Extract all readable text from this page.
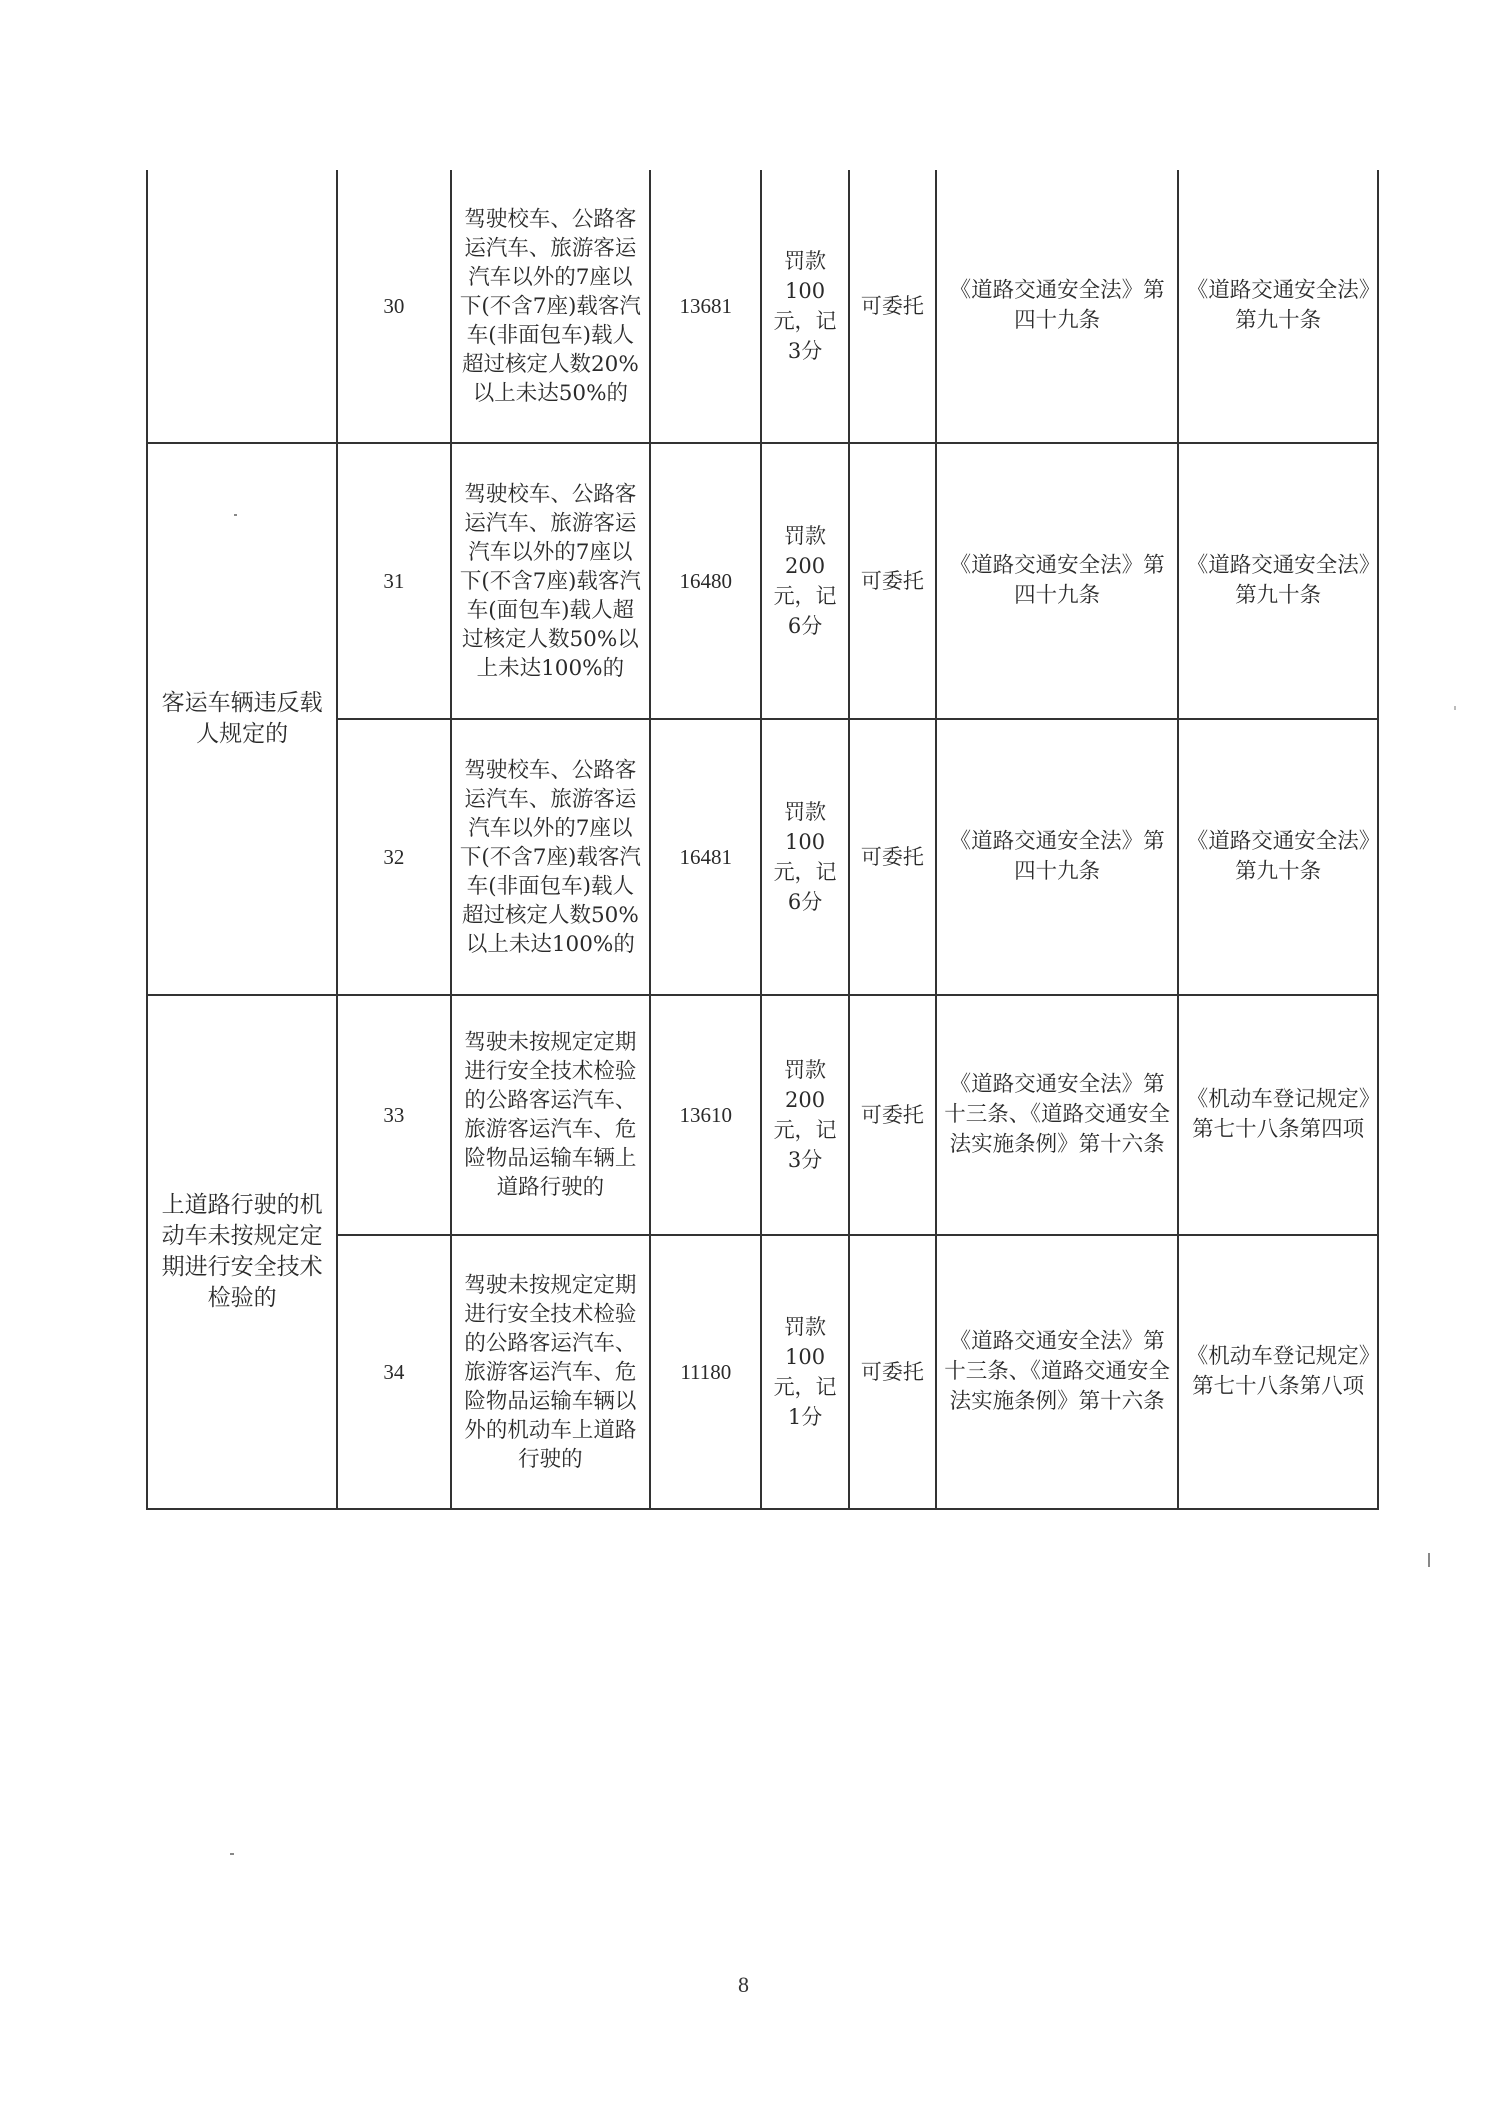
	30	驾驶校车、公路客运汽车、旅游客运汽车以外的7座以下(不含7座)载客汽车(非面包车)载人超过核定人数20%以上未达50%的	13681	罚款100元，记3分	可委托	《道路交通安全法》第四十九条	《道路交通安全法》第九十条
客运车辆违反载人规定的	31	驾驶校车、公路客运汽车、旅游客运汽车以外的7座以下(不含7座)载客汽车(面包车)载人超过核定人数50%以上未达100%的	16480	罚款200元，记6分	可委托	《道路交通安全法》第四十九条	《道路交通安全法》第九十条
	32	驾驶校车、公路客运汽车、旅游客运汽车以外的7座以下(不含7座)载客汽车(非面包车)载人超过核定人数50%以上未达100%的	16481	罚款100元，记6分	可委托	《道路交通安全法》第四十九条	《道路交通安全法》第九十条
上道路行驶的机动车未按规定定期进行安全技术检验的	33	驾驶未按规定定期进行安全技术检验的公路客运汽车、旅游客运汽车、危险物品运输车辆上道路行驶的	13610	罚款200元，记3分	可委托	《道路交通安全法》第十三条、《道路交通安全法实施条例》第十六条	《机动车登记规定》第七十八条第四项
	34	驾驶未按规定定期进行安全技术检验的公路客运汽车、旅游客运汽车、危险物品运输车辆以外的机动车上道路行驶的	11180	罚款100元，记1分	可委托	《道路交通安全法》第十三条、《道路交通安全法实施条例》第十六条	《机动车登记规定》第七十八条第八项
8
